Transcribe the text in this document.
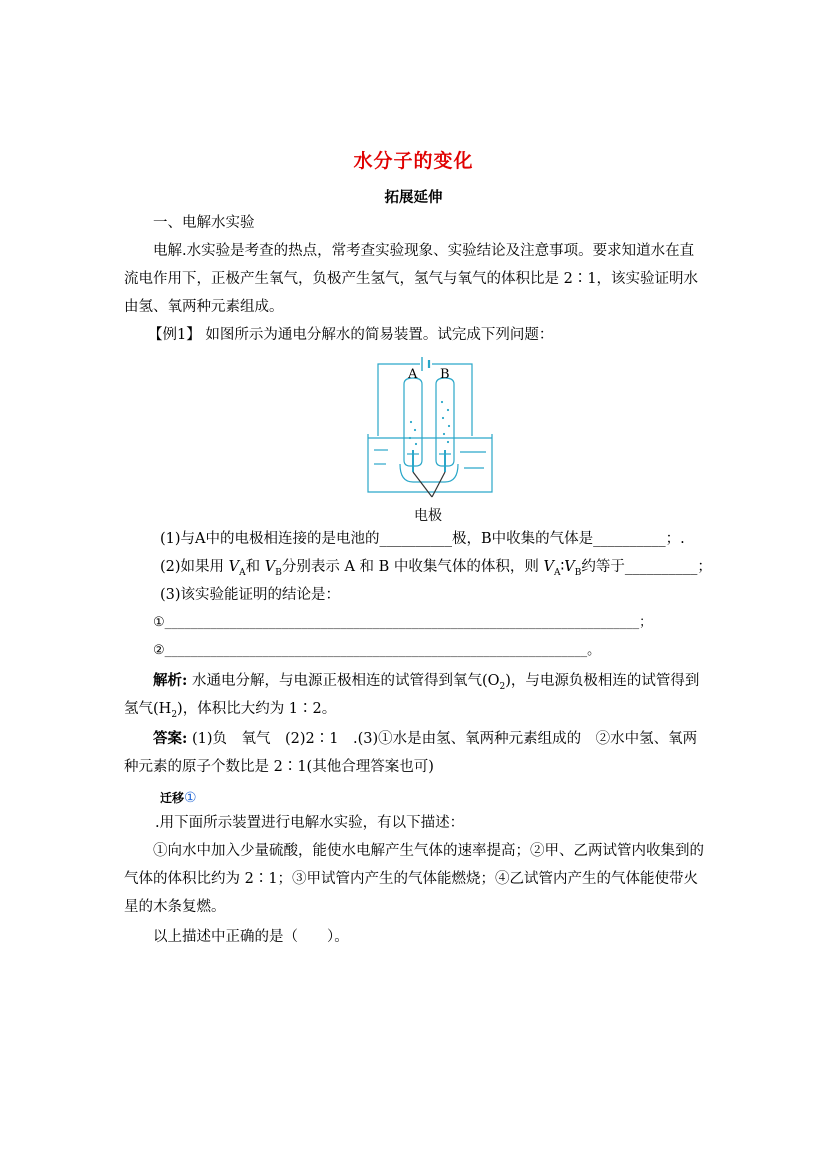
水分子的变化
拓展延伸
一、电解水实验
电解.水实验是考查的热点，常考查实验现象、实验结论及注意事项。要求知道水在直
流电作用下，正极产生氧气，负极产生氢气，氢气与氧气的体积比是 2∶1，该实验证明水
由氢、氧两种元素组成。
【例1】 如图所示为通电分解水的简易装置。试完成下列问题：
A B
电极
(1)与A中的电极相连接的是电池的__________极，B中收集的气体是__________；.
(2)如果用 $V_A$和 $V_B$分别表示 A 和 B 中收集气体的体积，则 $V_A∶V_B$约等于__________；
(3)该实验能证明的结论是：
①_________________________________________________________________________；
②_________________________________________________________________。
解析: 水通电分解，与电源正极相连的试管得到氧气$(O_2)$，与电源负极相连的试管得到
氢气$(H_2)$，体积比大约为 1∶2。
答案: (1)负　氧气　(2)2∶1　.(3)①水是由氢、氧两种元素组成的　②水中氢、氧两
种元素的原子个数比是 2∶1(其他合理答案也可)
迁移①
.用下面所示装置进行电解水实验，有以下描述：
①向水中加入少量硫酸，能使水电解产生气体的速率提高；②甲、乙两试管内收集到的
气体的体积比约为 2∶1；③甲试管内产生的气体能燃烧；④乙试管内产生的气体能使带火
星的木条复燃。
以上描述中正确的是（　　）。
